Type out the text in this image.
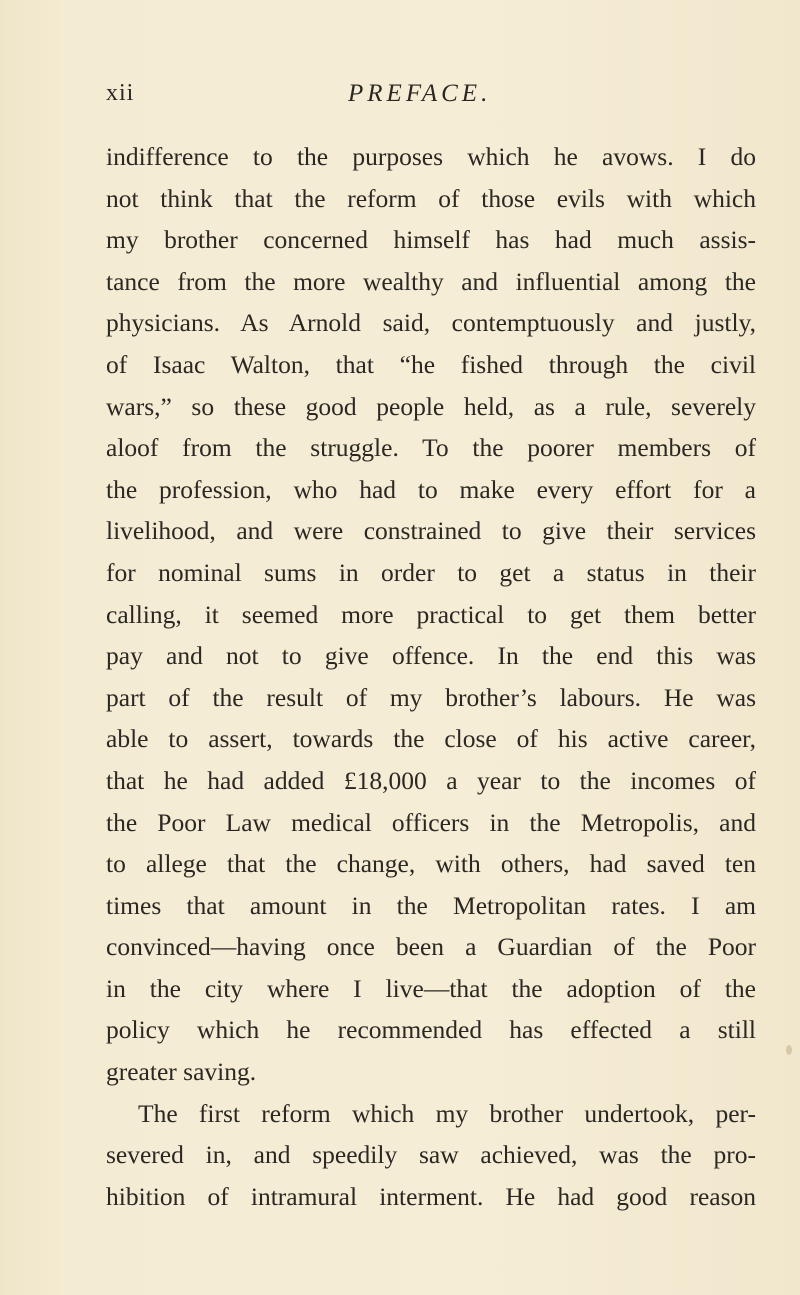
xii	PREFACE.
indifference to the purposes which he avows. I do
not think that the reform of those evils with which
my brother concerned himself has had much assis-
tance from the more wealthy and influential among the
physicians. As Arnold said, contemptuously and justly,
of Isaac Walton, that “he fished through the civil
wars,” so these good people held, as a rule, severely
aloof from the struggle. To the poorer members of
the profession, who had to make every effort for a
livelihood, and were constrained to give their services
for nominal sums in order to get a status in their
calling, it seemed more practical to get them better
pay and not to give offence. In the end this was
part of the result of my brother’s labours. He was
able to assert, towards the close of his active career,
that he had added £18,000 a year to the incomes of
the Poor Law medical officers in the Metropolis, and
to allege that the change, with others, had saved ten
times that amount in the Metropolitan rates. I am
convinced—having once been a Guardian of the Poor
in the city where I live—that the adoption of the
policy which he recommended has effected a still
greater saving.
The first reform which my brother undertook, per-
severed in, and speedily saw achieved, was the pro-
hibition of intramural interment. He had good reason
